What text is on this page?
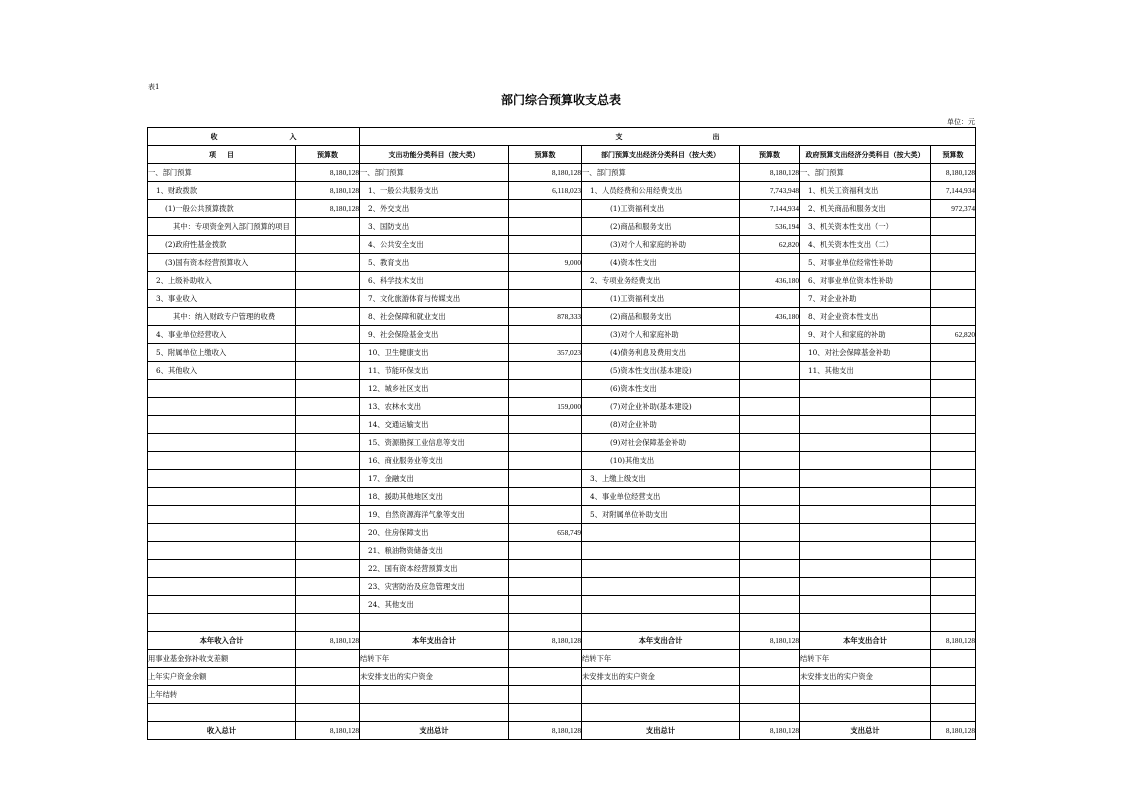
表1
部门综合预算收支总表
单位：元
收 入		支 出					

项 目	预算数	支出功能分类科目（按大类）	预算数	部门预算支出经济分类科目（按大类）	预算数	政府预算支出经济分类科目（按大类）	预算数
一、部门预算	8,180,128	一、部门预算	8,180,128	一、部门预算	8,180,128	一、部门预算	8,180,128
1、财政拨款	8,180,128	1、一般公共服务支出	6,118,023	1、人员经费和公用经费支出	7,743,948	1、机关工资福利支出	7,144,934
(1)一般公共预算拨款	8,180,128	2、外交支出		(1)工资福利支出	7,144,934	2、机关商品和服务支出	972,374
其中：专项资金列入部门预算的项目		3、国防支出		(2)商品和服务支出	536,194	3、机关资本性支出（一）	
(2)政府性基金拨款		4、公共安全支出		(3)对个人和家庭的补助	62,820	4、机关资本性支出（二）	
(3)国有资本经营预算收入		5、教育支出	9,000	(4)资本性支出		5、对事业单位经常性补助	
2、上级补助收入		6、科学技术支出		2、专项业务经费支出	436,180	6、对事业单位资本性补助	
3、事业收入		7、文化旅游体育与传媒支出		(1)工资福利支出		7、对企业补助	
其中：纳入财政专户管理的收费		8、社会保障和就业支出	878,333	(2)商品和服务支出	436,180	8、对企业资本性支出	
4、事业单位经营收入		9、社会保险基金支出		(3)对个人和家庭补助		9、对个人和家庭的补助	62,820
5、附属单位上缴收入		10、卫生健康支出	357,023	(4)债务利息及费用支出		10、对社会保障基金补助	
6、其他收入		11、节能环保支出		(5)资本性支出(基本建设)		11、其他支出	
		12、城乡社区支出		(6)资本性支出			
		13、农林水支出	159,000	(7)对企业补助(基本建设)			
		14、交通运输支出		(8)对企业补助			
		15、资源勘探工业信息等支出		(9)对社会保障基金补助			
		16、商业服务业等支出		(10)其他支出			
		17、金融支出		3、上缴上级支出			
		18、援助其他地区支出		4、事业单位经营支出			
		19、自然资源海洋气象等支出		5、对附属单位补助支出			
		20、住房保障支出	658,749				
		21、粮油物资储备支出					
		22、国有资本经营预算支出					
		23、灾害防治及应急管理支出					
		24、其他支出					

本年收入合计	8,180,128	本年支出合计	8,180,128	本年支出合计	8,180,128	本年支出合计	8,180,128
用事业基金弥补收支差额		结转下年		结转下年		结转下年	
上年实户资金余额		未安排支出的实户资金		未安排支出的实户资金		未安排支出的实户资金	
上年结转							

收入总计	8,180,128	支出总计	8,180,128	支出总计	8,180,128	支出总计	8,180,128
